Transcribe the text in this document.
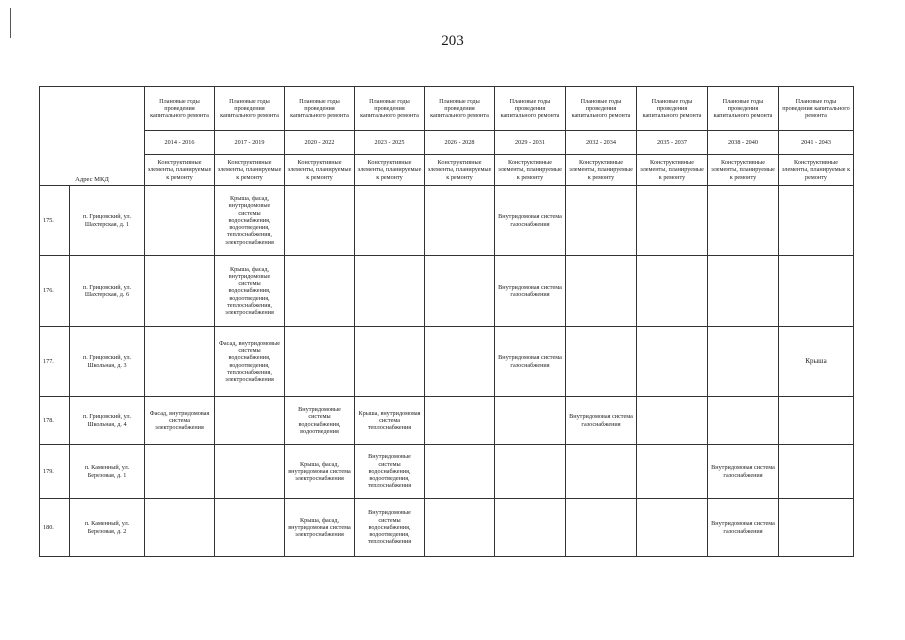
203
Адрес МКД		Плановые годы проведения капитального ремонта	Плановые годы проведения капитального ремонта	Плановые годы проведения капитального ремонта	Плановые годы проведения капитального ремонта	Плановые годы проведения капитального ремонта	Плановые годы проведения капитального ремонта	Плановые годы проведения капитального ремонта	Плановые годы проведения капитального ремонта	Плановые годы проведения капитального ремонта	Плановые годы проведения капитального ремонта
		2014 - 2016	2017 - 2019	2020 - 2022	2023 - 2025	2026 - 2028	2029 - 2031	2032 - 2034	2035 - 2037	2038 - 2040	2041 - 2043
		Конструктивные элементы, планируемые к ремонту	Конструктивные элементы, планируемые к ремонту	Конструктивные элементы, планируемые к ремонту	Конструктивные элементы, планируемые к ремонту	Конструктивные элементы, планируемые к ремонту	Конструктивные элементы, планируемые к ремонту	Конструктивные элементы, планируемые к ремонту	Конструктивные элементы, планируемые к ремонту	Конструктивные элементы, планируемые к ремонту	Конструктивные элементы, планируемые к ремонту
175.	п. Грицовский, ул. Шахтерская, д. 1		Крыша, фасад, внутридомовые системы водоснабжения, водоотведения, теплоснабжения, электроснабжения				Внутридомовая система газоснабжения				
176.	п. Грицовский, ул. Шахтерская, д. 6		Крыша, фасад, внутридомовые системы водоснабжения, водоотведения, теплоснабжения, электроснабжения				Внутридомовая система газоснабжения				
177.	п. Грицовский, ул. Школьная, д. 3		Фасад, внутридомовые системы водоснабжения, водоотведения, теплоснабжения, электроснабжения				Внутридомовая система газоснабжения				Крыша
178.	п. Грицовский, ул. Школьная, д. 4	Фасад, внутридомовая система электроснабжения		Внутридомовые системы водоснабжения, водоотведения	Крыша, внутридомовая система теплоснабжения			Внутридомовая система газоснабжения			
179.	п. Каменный, ул. Березовая, д. 1			Крыша, фасад, внутридомовая система электроснабжения	Внутридомовые системы водоснабжения, водоотведения, теплоснабжения					Внутридомовая система газоснабжения	
180.	п. Каменный, ул. Березовая, д. 2			Крыша, фасад, внутридомовая система электроснабжения	Внутридомовые системы водоснабжения, водоотведения, теплоснабжения					Внутридомовая система газоснабжения	
